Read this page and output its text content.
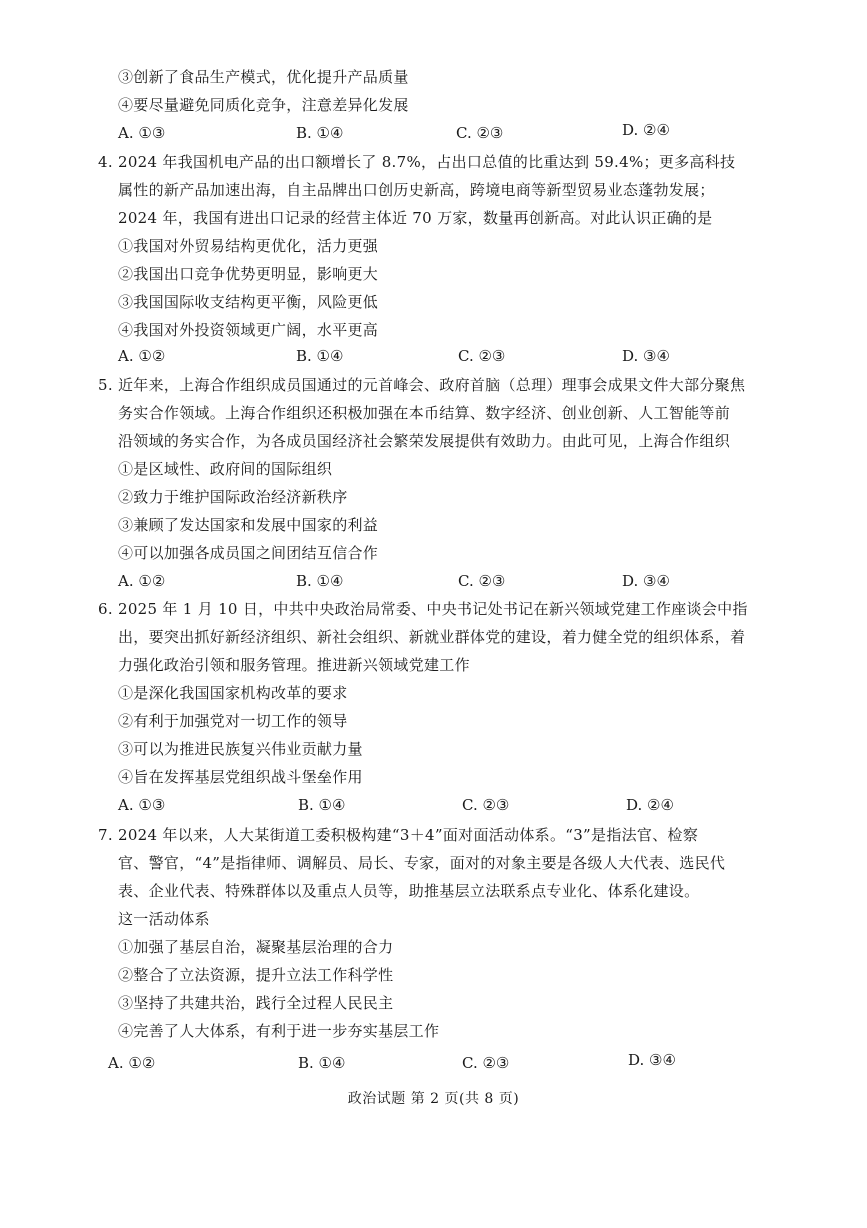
③创新了食品生产模式，优化提升产品质量
④要尽量避免同质化竞争，注意差异化发展
A. ①③	B. ①④	C. ②③	D. ②④
4. 2024 年我国机电产品的出口额增长了 8.7%，占出口总值的比重达到 59.4%；更多高科技
属性的新产品加速出海，自主品牌出口创历史新高，跨境电商等新型贸易业态蓬勃发展；
2024 年，我国有进出口记录的经营主体近 70 万家，数量再创新高。对此认识正确的是
①我国对外贸易结构更优化，活力更强
②我国出口竞争优势更明显，影响更大
③我国国际收支结构更平衡，风险更低
④我国对外投资领域更广阔，水平更高
A. ①②	B. ①④	C. ②③	D. ③④
5. 近年来，上海合作组织成员国通过的元首峰会、政府首脑（总理）理事会成果文件大部分聚焦
务实合作领域。上海合作组织还积极加强在本币结算、数字经济、创业创新、人工智能等前
沿领域的务实合作，为各成员国经济社会繁荣发展提供有效助力。由此可见，上海合作组织
①是区域性、政府间的国际组织
②致力于维护国际政治经济新秩序
③兼顾了发达国家和发展中国家的利益
④可以加强各成员国之间团结互信合作
A. ①②	B. ①④	C. ②③	D. ③④
6. 2025 年 1 月 10 日，中共中央政治局常委、中央书记处书记在新兴领域党建工作座谈会中指
出，要突出抓好新经济组织、新社会组织、新就业群体党的建设，着力健全党的组织体系，着
力强化政治引领和服务管理。推进新兴领域党建工作
①是深化我国国家机构改革的要求
②有利于加强党对一切工作的领导
③可以为推进民族复兴伟业贡献力量
④旨在发挥基层党组织战斗堡垒作用
A. ①③	B. ①④	C. ②③	D. ②④
7. 2024 年以来，人大某街道工委积极构建“3＋4”面对面活动体系。“3”是指法官、检察
官、警官，“4”是指律师、调解员、局长、专家，面对的对象主要是各级人大代表、选民代
表、企业代表、特殊群体以及重点人员等，助推基层立法联系点专业化、体系化建设。
这一活动体系
①加强了基层自治，凝聚基层治理的合力
②整合了立法资源，提升立法工作科学性
③坚持了共建共治，践行全过程人民民主
④完善了人大体系，有利于进一步夯实基层工作
A. ①②	B. ①④	C. ②③	D. ③④
政治试题 第 2 页(共 8 页)
